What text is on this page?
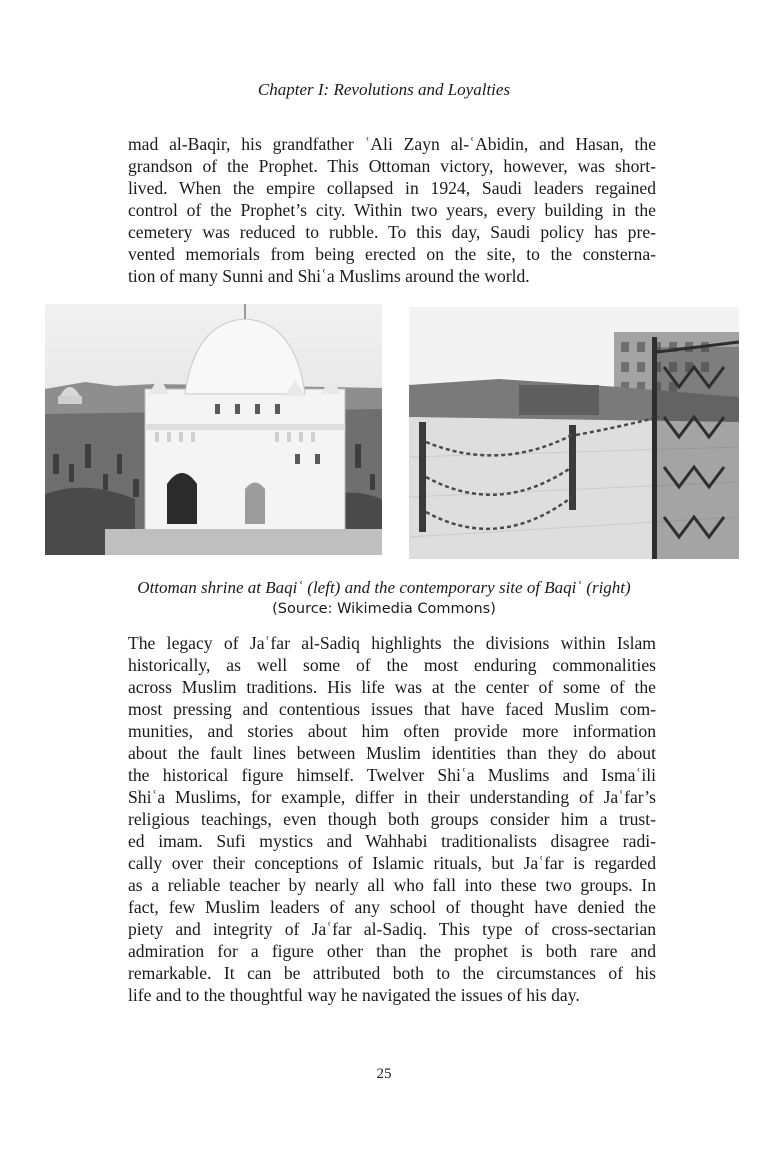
Chapter I: Revolutions and Loyalties

mad al-Baqir, his grandfather ʿAli Zayn al-ʿAbidin, and Hasan, the
grandson of the Prophet. This Ottoman victory, however, was short-
lived. When the empire collapsed in 1924, Saudi leaders regained
control of the Prophet’s city. Within two years, every building in the
cemetery was reduced to rubble. To this day, Saudi policy has pre-
vented memorials from being erected on the site, to the consterna-
tion of many Sunni and Shiʿa Muslims around the world.

Ottoman shrine at Baqiʿ (left) and the contemporary site of Baqiʿ (right)
(Source: Wikimedia Commons)

The legacy of Jaʿfar al-Sadiq highlights the divisions within Islam
historically, as well some of the most enduring commonalities
across Muslim traditions. His life was at the center of some of the
most pressing and contentious issues that have faced Muslim com-
munities, and stories about him often provide more information
about the fault lines between Muslim identities than they do about
the historical figure himself. Twelver Shiʿa Muslims and Ismaʿili
Shiʿa Muslims, for example, differ in their understanding of Jaʿfar’s
religious teachings, even though both groups consider him a trust-
ed imam. Sufi mystics and Wahhabi traditionalists disagree radi-
cally over their conceptions of Islamic rituals, but Jaʿfar is regarded
as a reliable teacher by nearly all who fall into these two groups. In
fact, few Muslim leaders of any school of thought have denied the
piety and integrity of Jaʿfar al-Sadiq. This type of cross-sectarian
admiration for a figure other than the prophet is both rare and
remarkable. It can be attributed both to the circumstances of his
life and to the thoughtful way he navigated the issues of his day.

25
